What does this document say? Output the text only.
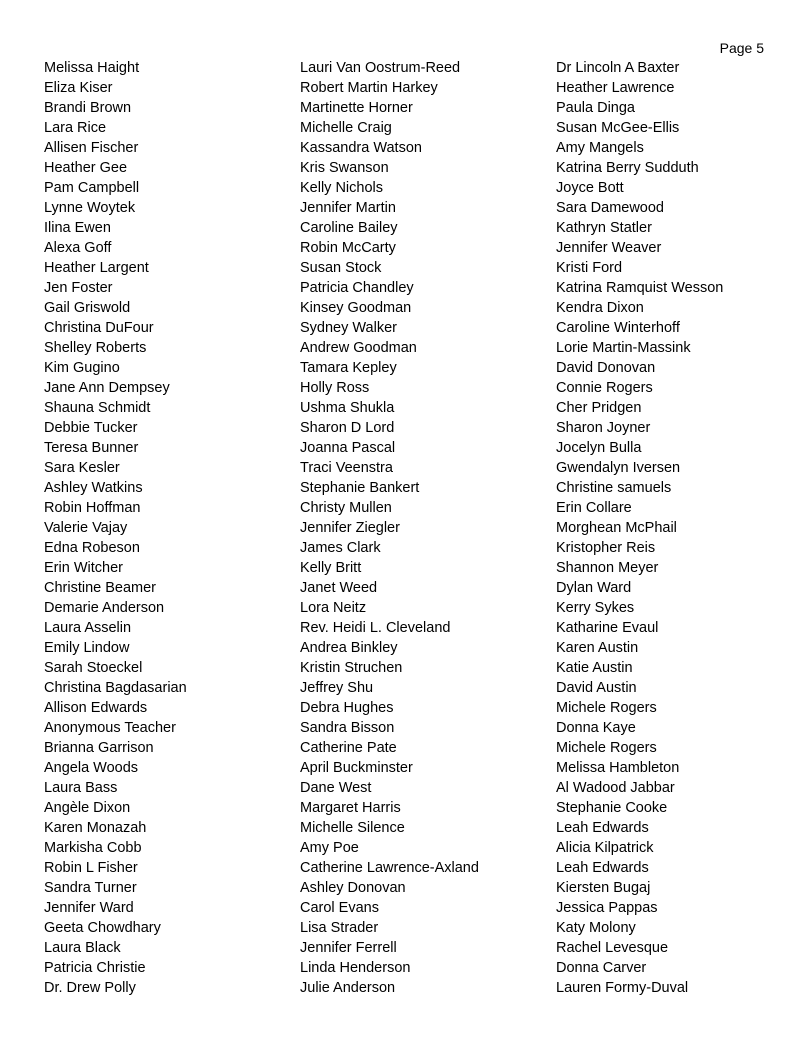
Page 5
Melissa Haight
Eliza Kiser
Brandi Brown
Lara Rice
Allisen Fischer
Heather Gee
Pam Campbell
Lynne Woytek
Ilina Ewen
Alexa Goff
Heather Largent
Jen Foster
Gail Griswold
Christina DuFour
Shelley Roberts
Kim Gugino
Jane Ann Dempsey
Shauna Schmidt
Debbie Tucker
Teresa Bunner
Sara Kesler
Ashley Watkins
Robin Hoffman
Valerie Vajay
Edna Robeson
Erin Witcher
Christine Beamer
Demarie Anderson
Laura Asselin
Emily Lindow
Sarah Stoeckel
Christina Bagdasarian
Allison Edwards
Anonymous Teacher
Brianna Garrison
Angela Woods
Laura Bass
Angèle Dixon
Karen Monazah
Markisha Cobb
Robin L Fisher
Sandra Turner
Jennifer Ward
Geeta Chowdhary
Laura Black
Patricia Christie
Dr. Drew Polly
Lauri Van Oostrum-Reed
Robert Martin Harkey
Martinette Horner
Michelle Craig
Kassandra Watson
Kris Swanson
Kelly Nichols
Jennifer Martin
Caroline Bailey
Robin McCarty
Susan Stock
Patricia Chandley
Kinsey Goodman
Sydney Walker
Andrew Goodman
Tamara Kepley
Holly Ross
Ushma Shukla
Sharon D Lord
Joanna Pascal
Traci Veenstra
Stephanie Bankert
Christy Mullen
Jennifer Ziegler
James Clark
Kelly Britt
Janet Weed
Lora Neitz
Rev. Heidi L. Cleveland
Andrea Binkley
Kristin Struchen
Jeffrey Shu
Debra Hughes
Sandra Bisson
Catherine Pate
April Buckminster
Dane West
Margaret Harris
Michelle Silence
Amy Poe
Catherine Lawrence-Axland
Ashley Donovan
Carol Evans
Lisa Strader
Jennifer Ferrell
Linda Henderson
Julie Anderson
Dr Lincoln A Baxter
Heather Lawrence
Paula Dinga
Susan McGee-Ellis
Amy Mangels
Katrina Berry Sudduth
Joyce Bott
Sara Damewood
Kathryn Statler
Jennifer Weaver
Kristi Ford
Katrina Ramquist Wesson
Kendra Dixon
Caroline Winterhoff
Lorie Martin-Massink
David Donovan
Connie Rogers
Cher Pridgen
Sharon Joyner
Jocelyn Bulla
Gwendalyn Iversen
Christine samuels
Erin Collare
Morghean McPhail
Kristopher Reis
Shannon Meyer
Dylan Ward
Kerry Sykes
Katharine Evaul
Karen Austin
Katie Austin
David Austin
Michele Rogers
Donna Kaye
Michele Rogers
Melissa Hambleton
Al Wadood Jabbar
Stephanie Cooke
Leah Edwards
Alicia Kilpatrick
Leah Edwards
Kiersten Bugaj
Jessica Pappas
Katy Molony
Rachel Levesque
Donna Carver
Lauren Formy-Duval
